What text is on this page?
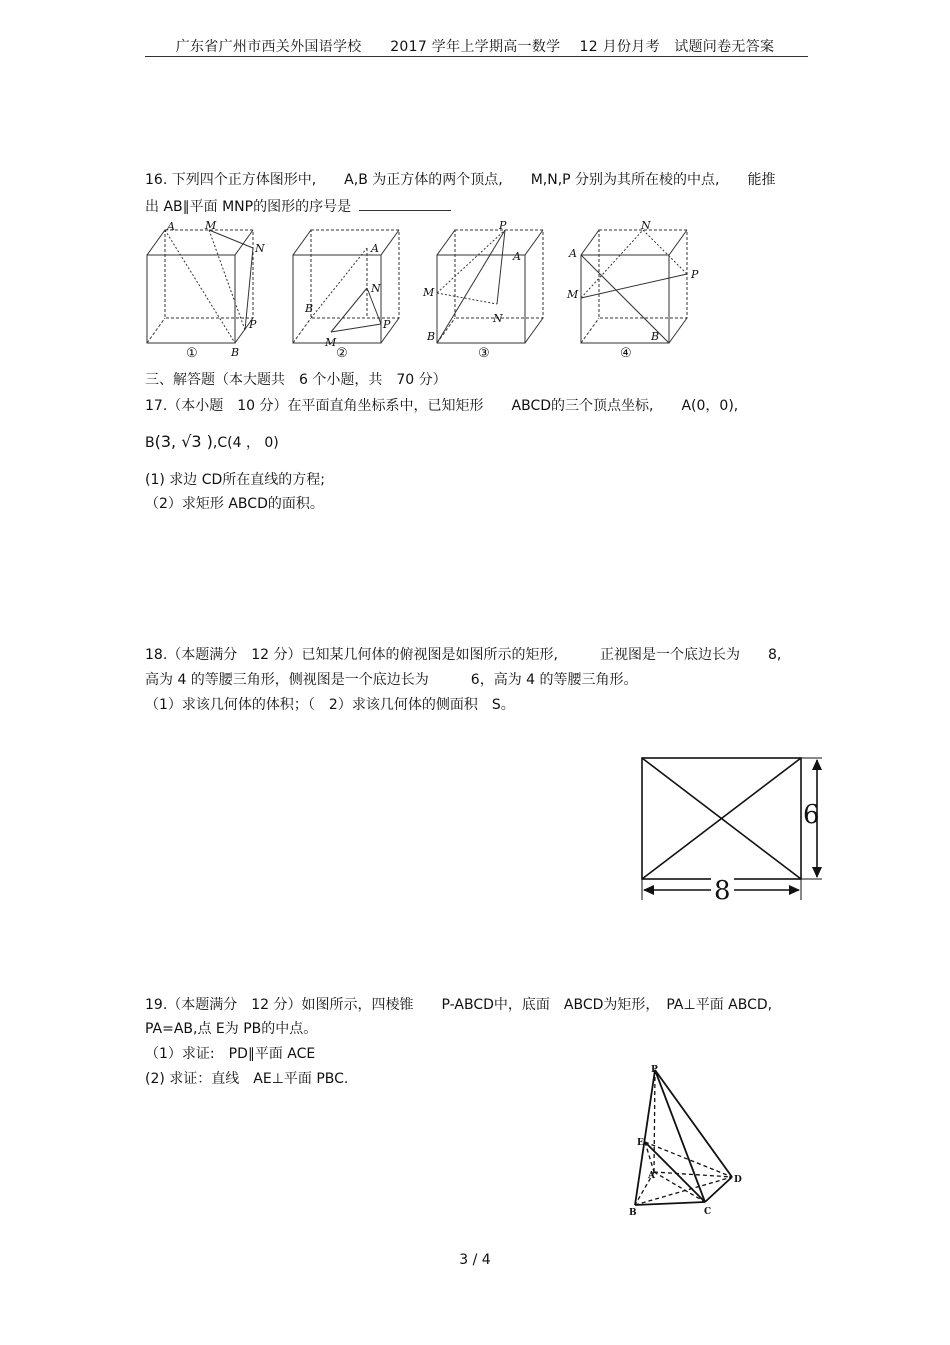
广东省广州市西关外国语学校　　2017 学年上学期高一数学　 12 月份月考　试题问卷无答案
16. 下列四个正方体图形中,　　A,B 为正方体的两个顶点,　　M,N,P 分别为其所在棱的中点,　　能推
出 AB∥平面 MNP的图形的序号是
A	M
N
B
P
A
N
B
M
P
P
A
M
B
N
N
A
P
M
B
①	②	③	④
三、解答题（本大题共　6 个小题，共　70 分）
17.（本小题　10 分）在平面直角坐标系中，已知矩形　　ABCD的三个顶点坐标,　　A(0，0),
B(3, √3 ),C(4 ， 0)
(1) 求边 CD所在直线的方程;
（2）求矩形 ABCD的面积。
18.（本题满分　12 分）已知某几何体的俯视图是如图所示的矩形,　　　正视图是一个底边长为　　8,
高为 4 的等腰三角形，侧视图是一个底边长为　　　6，高为 4 的等腰三角形。
（1）求该几何体的体积；（　2）求该几何体的侧面积　S。
6
8
19.（本题满分　12 分）如图所示，四棱锥　　P-ABCD中，底面　ABCD为矩形，　PA⊥平面 ABCD,
PA=AB,点 E为 PB的中点。
（1）求证:　PD∥平面 ACE
(2) 求证：直线　AE⊥平面 PBC.
P
E
A	D
B	C
3 / 4
